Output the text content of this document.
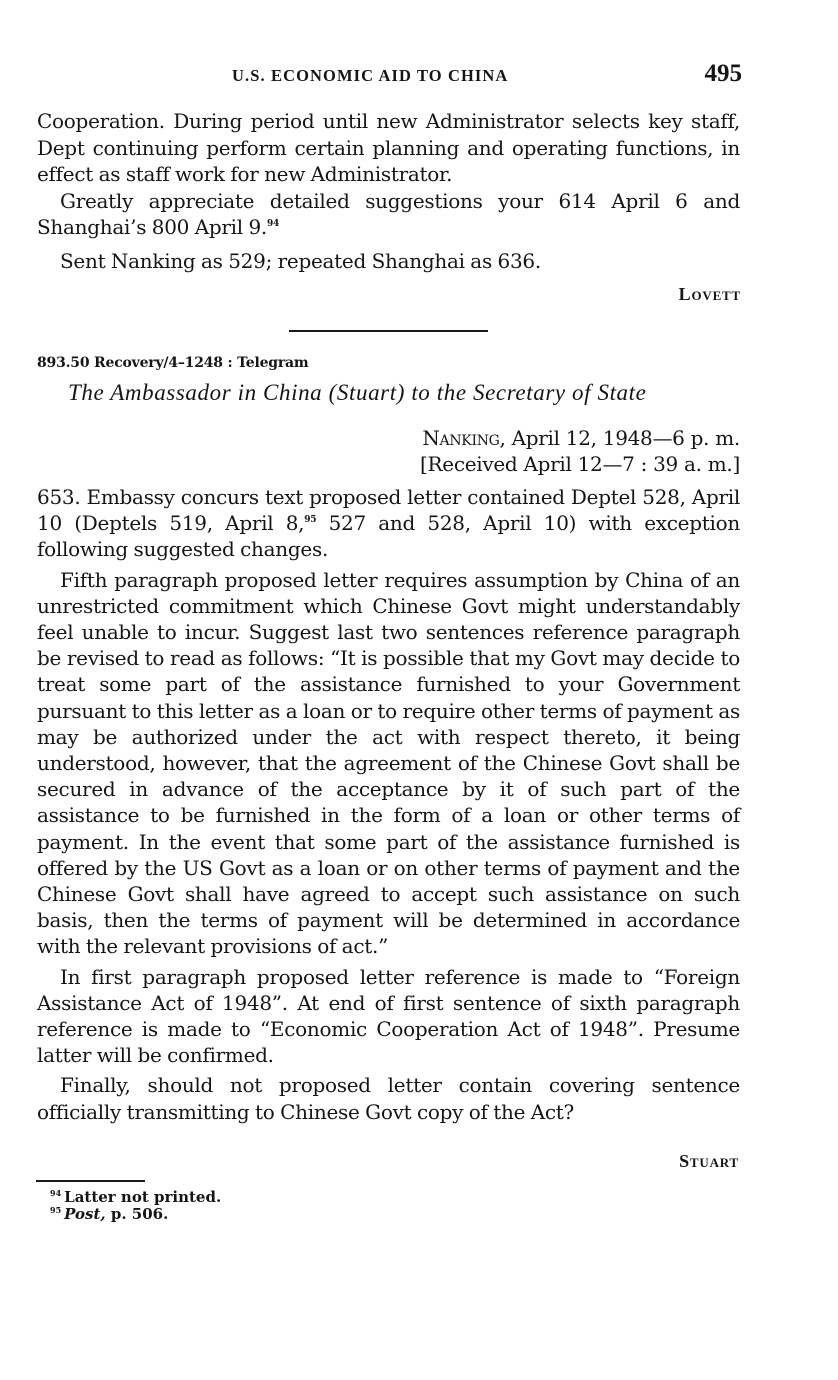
U.S. ECONOMIC AID TO CHINA	495
Cooperation. During period until new Administrator selects key staff, Dept continuing perform certain planning and operating functions, in effect as staff work for new Administrator.
Greatly appreciate detailed suggestions your 614 April 6 and Shanghai’s 800 April 9.94
Sent Nanking as 529; repeated Shanghai as 636.
Lovett
893.50 Recovery/4–1248 : Telegram
The Ambassador in China (Stuart) to the Secretary of State
Nanking, April 12, 1948—6 p. m.
[Received April 12—7 : 39 a. m.]
653. Embassy concurs text proposed letter contained Deptel 528, April 10 (Deptels 519, April 8,95 527 and 528, April 10) with exception following suggested changes.
Fifth paragraph proposed letter requires assumption by China of an unrestricted commitment which Chinese Govt might understandably feel unable to incur. Suggest last two sentences reference paragraph be revised to read as follows: “It is possible that my Govt may decide to treat some part of the assistance furnished to your Government pursuant to this letter as a loan or to require other terms of payment as may be authorized under the act with respect thereto, it being understood, however, that the agreement of the Chinese Govt shall be secured in advance of the acceptance by it of such part of the assistance to be furnished in the form of a loan or other terms of payment. In the event that some part of the assistance furnished is offered by the US Govt as a loan or on other terms of payment and the Chinese Govt shall have agreed to accept such assistance on such basis, then the terms of payment will be determined in accordance with the relevant provisions of act.”
In first paragraph proposed letter reference is made to “Foreign Assistance Act of 1948”. At end of first sentence of sixth paragraph reference is made to “Economic Cooperation Act of 1948”. Presume latter will be confirmed.
Finally, should not proposed letter contain covering sentence officially transmitting to Chinese Govt copy of the Act?
Stuart
$^{94}$ Latter not printed.
$^{95}$ Post, p. 506.
